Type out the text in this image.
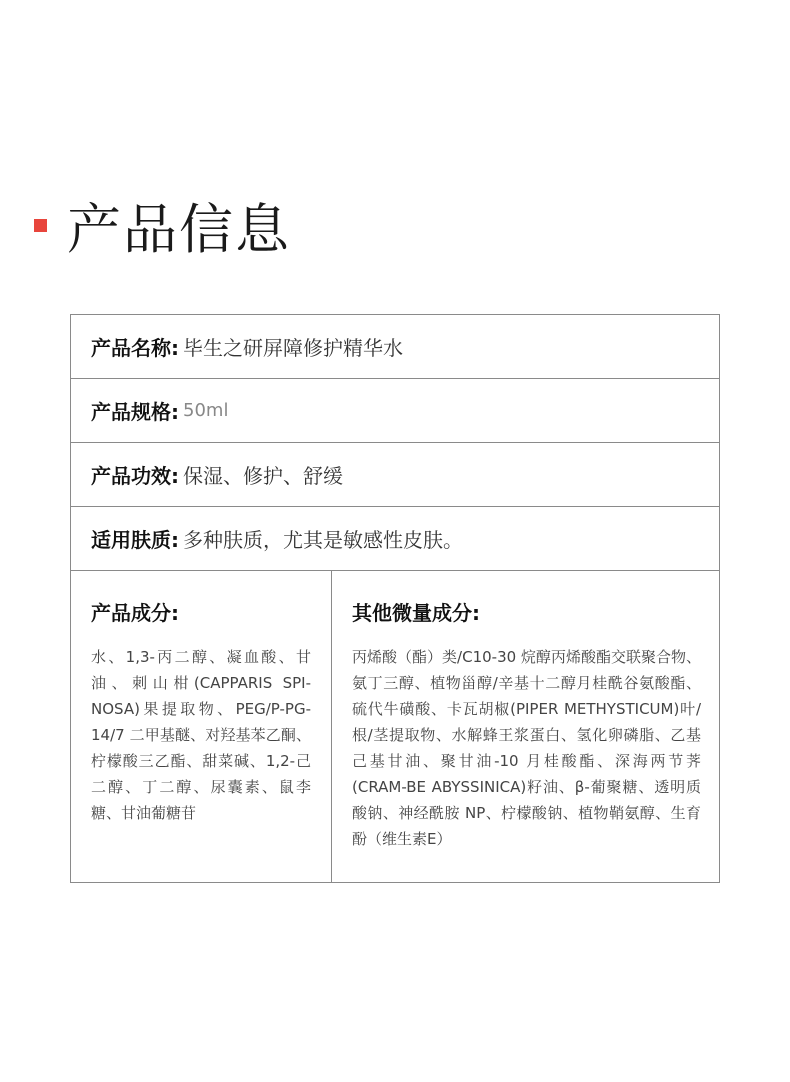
产品信息
产品名称: 毕生之研屏障修护精华水
产品规格: 50ml
产品功效: 保湿、修护、舒缓
适用肤质: 多种肤质，尤其是敏感性皮肤。
产品成分:

水、1,3-丙二醇、凝血酸、甘油、刺山柑(CAPPARIS SPI-NOSA)果提取物、PEG/P-PG-14/7 二甲基醚、对羟基苯乙酮、柠檬酸三乙酯、甜菜碱、1,2-己二醇、丁二醇、尿囊素、鼠李糖、甘油葡糖苷

其他微量成分:

丙烯酸（酯）类/C10-30 烷醇丙烯酸酯交联聚合物、氨丁三醇、植物甾醇/辛基十二醇月桂酰谷氨酸酯、硫代牛磺酸、卡瓦胡椒(PIPER METHYSTICUM)叶/根/茎提取物、水解蜂王浆蛋白、氢化卵磷脂、乙基己基甘油、聚甘油-10 月桂酸酯、深海两节荠(CRAM-BE ABYSSINICA)籽油、β-葡聚糖、透明质酸钠、神经酰胺 NP、柠檬酸钠、植物鞘氨醇、生育酚（维生素E）
